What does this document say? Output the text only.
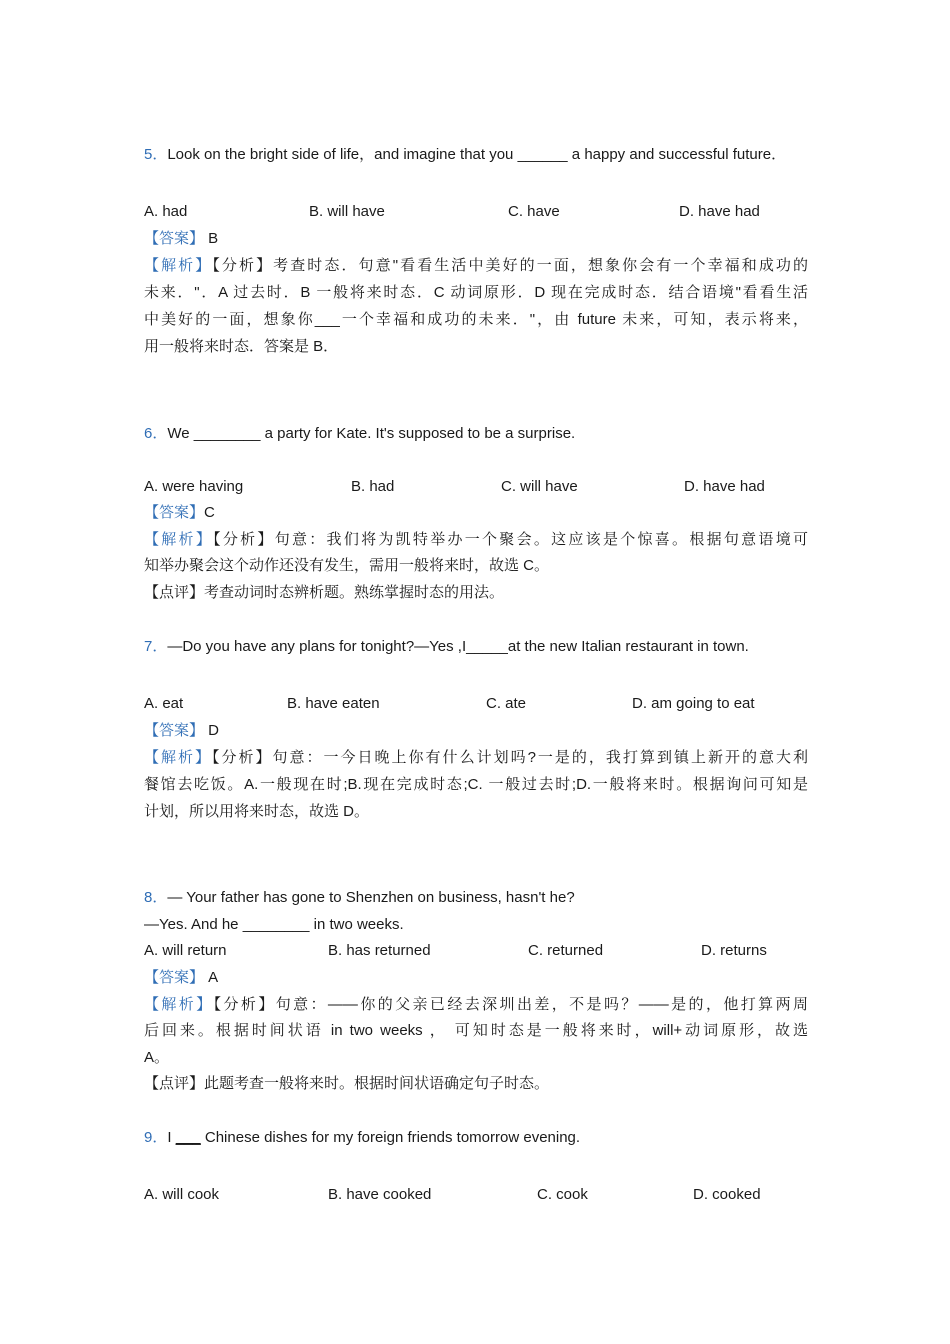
5．Look on the bright side of life，and imagine that you ______ a happy and successful future．
A. had	B. will have	C. have	D. have had
【答案】 B
【解析】【分析】考查时态．句意"看看生活中美好的一面，想象你会有一个幸福和成功的
未来．"．A 过去时．B 一般将来时态．C 动词原形．D 现在完成时态．结合语境"看看生活
中美好的一面，想象你___一个幸福和成功的未来．"，由 future 未来，可知，表示将来，
用一般将来时态．答案是 B．
6．We ________ a party for Kate. It's supposed to be a surprise.
A. were having	B. had	C. will have	D. have had
【答案】C
【解析】【分析】句意：我们将为凯特举办一个聚会。这应该是个惊喜。根据句意语境可
知举办聚会这个动作还没有发生，需用一般将来时，故选 C。
【点评】考查动词时态辨析题。熟练掌握时态的用法。
7．—Do you have any plans for tonight?—Yes ,I_____at the new Italian restaurant in town.
A. eat	B. have eaten	C. ate	D. am going to eat
【答案】 D
【解析】【分析】句意：一今日晚上你有什么计划吗?一是的，我打算到镇上新开的意大利
餐馆去吃饭。A.一般现在时;B.现在完成时态;C. 一般过去时;D.一般将来时。根据询问可知是
计划，所以用将来时态，故选 D。
8．— Your father has gone to Shenzhen on business, hasn't he?
—Yes. And he ________ in two weeks.
A. will return	B. has returned	C. returned	D. returns
【答案】 A
【解析】【分析】句意：——你的父亲已经去深圳出差，不是吗？——是的，他打算两周
后回来。根据时间状语 in two weeks ， 可知时态是一般将来时，will+动词原形，故选
A。
【点评】此题考查一般将来时。根据时间状语确定句子时态。
9．I ___ Chinese dishes for my foreign friends tomorrow evening.
A. will cook	B. have cooked	C. cook	D. cooked
